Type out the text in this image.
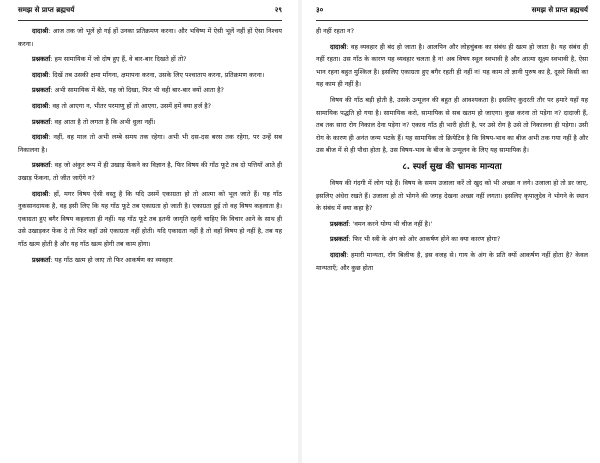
समझ से प्राप्त ब्रह्मचर्य	२९

दादाश्री: आज तक जो भूलें हो गई हों उनका प्रतिक्रमण करना। और भविष्य में ऐसी भूलें नहीं हों ऐसा निश्चय करना।

प्रश्नकर्ता: हम सामायिक में जो दोष हुए हैं, वे बार-बार दिखते हों तो?

दादाश्री: दिखें तब उसकी क्षमा माँगना, क्षमापना करना, उसके लिए पश्चाताप करना, प्रतिक्रमण करना।

प्रश्नकर्ता: अभी सामायिक में बैठे, यह जो दिखा, फिर भी वही बार-बार क्यों आता है?

दादाश्री: वह तो आएगा न, भीतर परमाणु हों तो आएगा, उसमें हमें क्या हर्ज है?

प्रश्नकर्ता: वह आता है तो लगता है कि अभी धुला नहीं।

दादाश्री: नहीं, वह माल तो अभी लम्बे समय तक रहेगा। अभी भी दस-दस बरस तक रहेगा, पर उन्हें सब निकालना है।

प्रश्नकर्ता: वह जो अंकुर रूप में ही उखाड़ फेंकने का विज्ञान है, फिर विषय की गाँठ फूटे तब दो पत्तियाँ आते ही उखाड़ फेंकना, तो जीत जाएँगे न?

दादाश्री: हाँ, मगर विषय ऐसी वस्तु है कि यदि उसमें एकाग्रता हो तो आत्मा को भूल जाते हैं। यह गाँठ नुकसानदायक है, वह इसी लिए कि यह गाँठ फूटे तब एकाग्रता हो जाती है। एकाग्रता हुई तो वह विषय कहलाता है। एकाग्रता हुए बगैर विषय कहलाता ही नहीं। यह गाँठ फूटे तब इतनी जागृति रहनी चाहिए कि विचार आने के साथ ही उसे उखाड़कर फेंक दे तो फिर वहाँ उसे एकाग्रता नहीं होती। यदि एकाग्रता नहीं है तो वहाँ विषय हो नहीं है, तब यह गाँठ खत्म होती है और यह गाँठ खत्म होगी तब काम होगा।

प्रश्नकर्ता: यह गाँठ खत्म हो जाए तो फिर आकर्षण का व्यवहार

३०	समझ से प्राप्त ब्रह्मचर्य

ही नहीं रहता न?

दादाश्री: वह व्यवहार ही बंद हो जाता है। आलपिन और लोहचुंबक का संबंध ही खत्म हो जाता है। यह संबंध ही नहीं रहता। उस गाँठ के कारण यह व्यवहार चलता है न! अब विषय स्थूल स्वभावी है और आत्मा सूक्ष्म स्वभावी है, ऐसा भान रहना बहुत मुश्किल है। इसलिए एकाग्रता हुए बगैर रहती ही नहीं न! यह काम तो ज्ञानी पुरुष का है, दूसरे किसी का यह काम ही नहीं है।

विषय की गाँठ बड़ी होती है, उसके उन्मूलन की बहुत ही आवश्यकता है। इसलिए कुदरती तौर पर हमारे यहाँ यह सामायिक पद्धति हो गया है। सामायिक करो, सामायिक से सब खतम हो जाएगा। कुछ करना तो पड़ेगा न? दादाजी हैं, तब तक सारा रोग निकाल देना पड़ेगा न? एकाध गाँठ ही भारी होती है, पर उसे रोग है उसे तो निकालना ही पड़ेगा। उसी रोग के कारण ही अनंत जन्म भटके हैं। यह सामायिक तो क्रियेटिव है कि विषय-भाव का बीज अभी तक गया नहीं है और उस बीज में से ही पौधा होता है, उस विषय-भाव के बीज के उन्मूलन के लिए यह सामायिक है।

८. स्पर्श सुख की भ्रामक मान्यता

विषय की गंदगी में लोग पड़े हैं। विषय के समय उजाला करें तो खुद को भी अच्छा न लगे। उजाला हो तो डर जाए, इसलिए अंधेरा रखते हैं। उजाला हो तो भोगने की जगह देखना अच्छा नहीं लगता। इसलिए कृपालुदेव ने भोगने के स्थान के संबंध में क्या कहा है?

प्रश्नकर्ता: 'वमन करने योग्य भी चीज नहीं है।'

प्रश्नकर्ता: फिर भी स्त्री के अंग को ओर आकर्षण होने का क्या कारण होगा?

दादाश्री: हमारी मान्यता, रॉंग बिलीफ है, इस वजह से। गाय के अंग के प्रति क्यों आकर्षण नहीं होता है? केवल मान्यताएँ; और कुछ होता
